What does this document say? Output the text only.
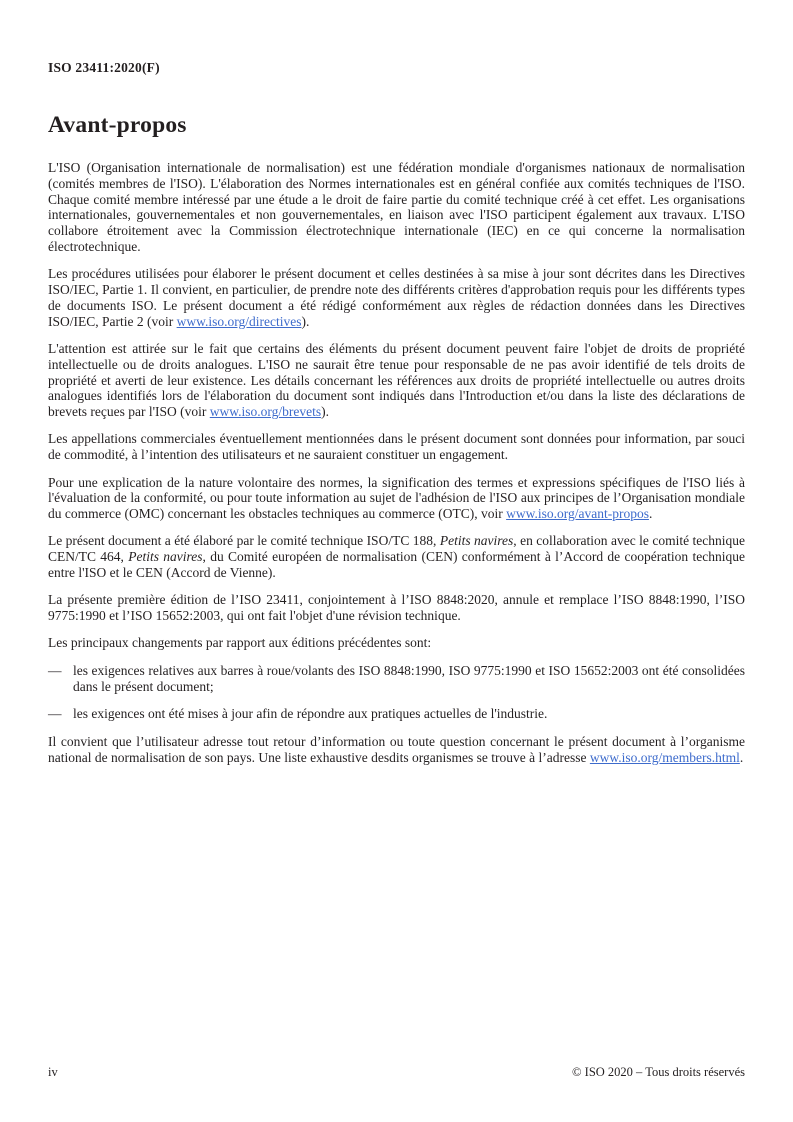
ISO 23411:2020(F)
Avant-propos

L'ISO (Organisation internationale de normalisation) est une fédération mondiale d'organismes nationaux de normalisation (comités membres de l'ISO). L'élaboration des Normes internationales est en général confiée aux comités techniques de l'ISO. Chaque comité membre intéressé par une étude a le droit de faire partie du comité technique créé à cet effet. Les organisations internationales, gouvernementales et non gouvernementales, en liaison avec l'ISO participent également aux travaux. L'ISO collabore étroitement avec la Commission électrotechnique internationale (IEC) en ce qui concerne la normalisation électrotechnique.

Les procédures utilisées pour élaborer le présent document et celles destinées à sa mise à jour sont décrites dans les Directives ISO/IEC, Partie 1. Il convient, en particulier, de prendre note des différents critères d'approbation requis pour les différents types de documents ISO. Le présent document a été rédigé conformément aux règles de rédaction données dans les Directives ISO/IEC, Partie 2 (voir www.iso.org/directives).

L'attention est attirée sur le fait que certains des éléments du présent document peuvent faire l'objet de droits de propriété intellectuelle ou de droits analogues. L'ISO ne saurait être tenue pour responsable de ne pas avoir identifié de tels droits de propriété et averti de leur existence. Les détails concernant les références aux droits de propriété intellectuelle ou autres droits analogues identifiés lors de l'élaboration du document sont indiqués dans l'Introduction et/ou dans la liste des déclarations de brevets reçues par l'ISO (voir www.iso.org/brevets).

Les appellations commerciales éventuellement mentionnées dans le présent document sont données pour information, par souci de commodité, à l’intention des utilisateurs et ne sauraient constituer un engagement.

Pour une explication de la nature volontaire des normes, la signification des termes et expressions spécifiques de l'ISO liés à l'évaluation de la conformité, ou pour toute information au sujet de l'adhésion de l'ISO aux principes de l’Organisation mondiale du commerce (OMC) concernant les obstacles techniques au commerce (OTC), voir www.iso.org/avant-propos.

Le présent document a été élaboré par le comité technique ISO/TC 188, Petits navires, en collaboration avec le comité technique CEN/TC 464, Petits navires, du Comité européen de normalisation (CEN) conformément à l’Accord de coopération technique entre l'ISO et le CEN (Accord de Vienne).

La présente première édition de l’ISO 23411, conjointement à l’ISO 8848:2020, annule et remplace l’ISO 8848:1990, l’ISO 9775:1990 et l’ISO 15652:2003, qui ont fait l'objet d'une révision technique.

Les principaux changements par rapport aux éditions précédentes sont:

— les exigences relatives aux barres à roue/volants des ISO 8848:1990, ISO 9775:1990 et ISO 15652:2003 ont été consolidées dans le présent document;
— les exigences ont été mises à jour afin de répondre aux pratiques actuelles de l'industrie.

Il convient que l’utilisateur adresse tout retour d’information ou toute question concernant le présent document à l’organisme national de normalisation de son pays. Une liste exhaustive desdits organismes se trouve à l’adresse www.iso.org/members.html.

iv	© ISO 2020 – Tous droits réservés
